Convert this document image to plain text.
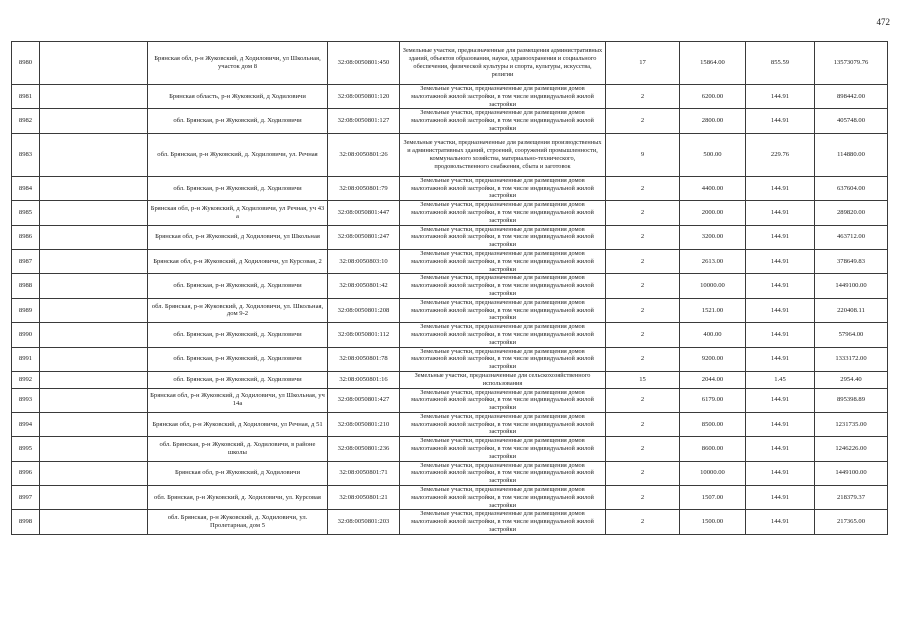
472
8980		Брянская обл, р-н Жуковский, д Ходиловичи, ул Школьная, участок дом 8	32:08:0050801:450	Земельные участки, предназначенные для размещения административных зданий, объектов образования, науки, здравоохранения и социального обеспечения, физической культуры и спорта, культуры, искусства, религии	17	15864.00	855.59	13573079.76
8981		Брянская область, р-н Жуковский, д Ходиловичи	32:08:0050801:120	Земельные участки, предназначенные для размещения домов малоэтажной жилой застройки, в том числе индивидуальной жилой застройки	2	6200.00	144.91	898442.00
8982		обл. Брянская, р-н Жуковский, д. Ходиловичи	32:08:0050801:127	Земельные участки, предназначенные для размещения домов малоэтажной жилой застройки, в том числе индивидуальной жилой застройки	2	2800.00	144.91	405748.00
8983		обл. Брянская, р-н Жуковский, д. Ходиловичи, ул. Речная	32:08:0050801:26	Земельные участки, предназначенные для размещения производственных и административных зданий, строений, сооружений промышленности, коммунального хозяйства, материально-технического, продовольственного снабжения, сбыта и заготовок	9	500.00	229.76	114880.00
8984		обл. Брянская, р-н Жуковский, д. Ходиловичи	32:08:0050801:79	Земельные участки, предназначенные для размещения домов малоэтажной жилой застройки, в том числе индивидуальной жилой застройки	2	4400.00	144.91	637604.00
8985		Брянская обл, р-н Жуковский, д Ходиловичи, ул Речная, уч 43 а	32:08:0050801:447	Земельные участки, предназначенные для размещения домов малоэтажной жилой застройки, в том числе индивидуальной жилой застройки	2	2000.00	144.91	289820.00
8986		Брянская обл, р-н Жуковский, д Ходиловичи, ул Школьная	32:08:0050801:247	Земельные участки, предназначенные для размещения домов малоэтажной жилой застройки, в том числе индивидуальной жилой застройки	2	3200.00	144.91	463712.00
8987		Брянская обл, р-н Жуковский, д Ходиловичи, ул Курсовая, 2	32:08:0050803:10	Земельные участки, предназначенные для размещения домов малоэтажной жилой застройки, в том числе индивидуальной жилой застройки	2	2613.00	144.91	378649.83
8988		обл. Брянская, р-н Жуковский, д. Ходиловичи	32:08:0050801:42	Земельные участки, предназначенные для размещения домов малоэтажной жилой застройки, в том числе индивидуальной жилой застройки	2	10000.00	144.91	1449100.00
8989		обл. Брянская, р-н Жуковский, д. Ходиловичи, ул. Школьная, дом 9-2	32:08:0050801:208	Земельные участки, предназначенные для размещения домов малоэтажной жилой застройки, в том числе индивидуальной жилой застройки	2	1521.00	144.91	220408.11
8990		обл. Брянская, р-н Жуковский, д. Ходиловичи	32:08:0050801:112	Земельные участки, предназначенные для размещения домов малоэтажной жилой застройки, в том числе индивидуальной жилой застройки	2	400.00	144.91	57964.00
8991		обл. Брянская, р-н Жуковский, д. Ходиловичи	32:08:0050801:78	Земельные участки, предназначенные для размещения домов малоэтажной жилой застройки, в том числе индивидуальной жилой застройки	2	9200.00	144.91	1333172.00
8992		обл. Брянская, р-н Жуковский, д. Ходиловичи	32:08:0050801:16	Земельные участки, предназначенные для сельскохозяйственного использования	15	2044.00	1.45	2954.40
8993		Брянская обл, р-н Жуковский, д Ходиловичи, ул Школьная, уч 14а	32:08:0050801:427	Земельные участки, предназначенные для размещения домов малоэтажной жилой застройки, в том числе индивидуальной жилой застройки	2	6179.00	144.91	895398.89
8994		Брянская обл, р-н Жуковский, д Ходиловичи, ул Речная, д 51	32:08:0050801:210	Земельные участки, предназначенные для размещения домов малоэтажной жилой застройки, в том числе индивидуальной жилой застройки	2	8500.00	144.91	1231735.00
8995		обл. Брянская, р-н Жуковский, д. Ходиловичи, в районе школы	32:08:0050801:236	Земельные участки, предназначенные для размещения домов малоэтажной жилой застройки, в том числе индивидуальной жилой застройки	2	8600.00	144.91	1246226.00
8996		Брянская обл, р-н Жуковский, д Ходиловичи	32:08:0050801:71	Земельные участки, предназначенные для размещения домов малоэтажной жилой застройки, в том числе индивидуальной жилой застройки	2	10000.00	144.91	1449100.00
8997		обл. Брянская, р-н Жуковский, д. Ходиловичи, ул. Курсовая	32:08:0050801:21	Земельные участки, предназначенные для размещения домов малоэтажной жилой застройки, в том числе индивидуальной жилой застройки	2	1507.00	144.91	218379.37
8998		обл. Брянская, р-н Жуковский, д. Ходиловичи, ул. Пролетарная, дом 5	32:08:0050801:203	Земельные участки, предназначенные для размещения домов малоэтажной жилой застройки, в том числе индивидуальной жилой застройки	2	1500.00	144.91	217365.00
